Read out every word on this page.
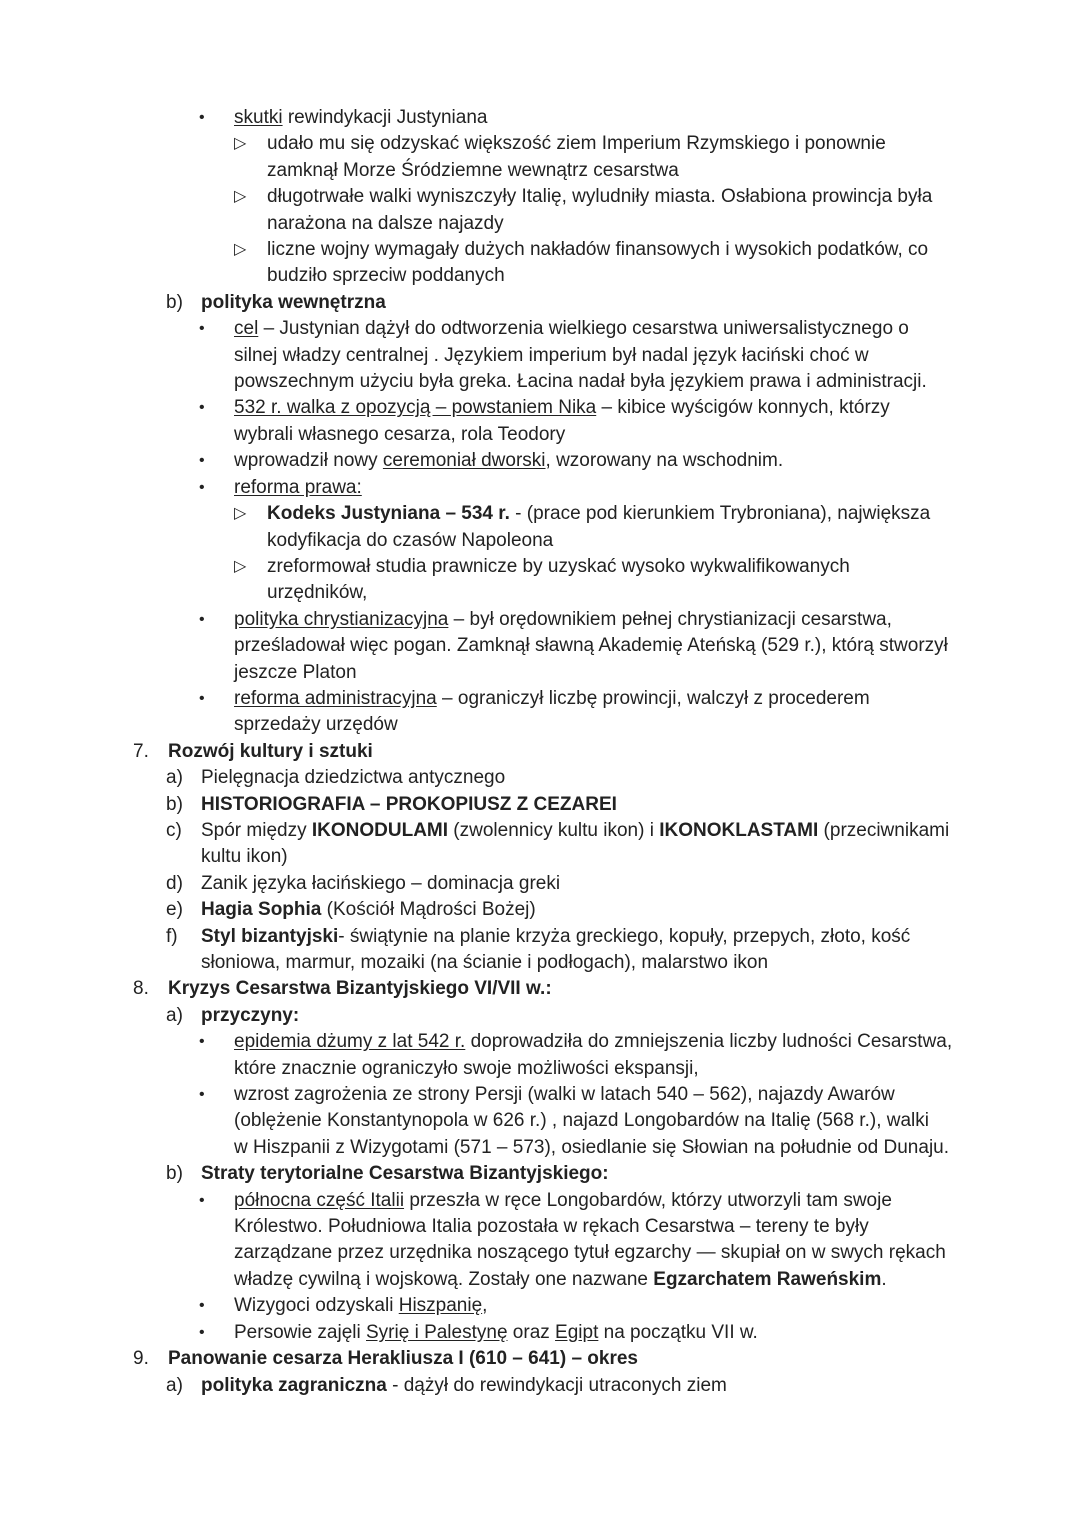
• skutki rewindykacji Justyniana
▷ udało mu się odzyskać większość ziem Imperium Rzymskiego i ponownie
zamknął Morze Śródziemne wewnątrz cesarstwa
▷ długotrwałe walki wyniszczyły Italię, wyludniły miasta. Osłabiona prowincja była
narażona na dalsze najazdy
▷ liczne wojny wymagały dużych nakładów finansowych i wysokich podatków, co
budziło sprzeciw poddanych
b) polityka wewnętrzna
• cel – Justynian dążył do odtworzenia wielkiego cesarstwa uniwersalistycznego o
silnej władzy centralnej . Językiem imperium był nadal język łaciński choć w
powszechnym użyciu była greka. Łacina nadał była językiem prawa i administracji.
• 532 r. walka z opozycją – powstaniem Nika – kibice wyścigów konnych, którzy
wybrali własnego cesarza, rola Teodory
• wprowadził nowy ceremoniał dworski, wzorowany na wschodnim.
• reforma prawa:
▷ Kodeks Justyniana – 534 r. - (prace pod kierunkiem Trybroniana), największa
kodyfikacja do czasów Napoleona
▷ zreformował studia prawnicze by uzyskać wysoko wykwalifikowanych
urzędników,
• polityka chrystianizacyjna – był orędownikiem pełnej chrystianizacji cesarstwa,
prześladował więc pogan. Zamknął sławną Akademię Ateńską (529 r.), którą stworzył
jeszcze Platon
• reforma administracyjna – ograniczył liczbę prowincji, walczył z procederem
sprzedaży urzędów
7. Rozwój kultury i sztuki
a) Pielęgnacja dziedzictwa antycznego
b) HISTORIOGRAFIA – PROKOPIUSZ Z CEZAREI
c) Spór między IKONODULAMI (zwolennicy kultu ikon) i IKONOKLASTAMI (przeciwnikami
kultu ikon)
d) Zanik języka łacińskiego – dominacja greki
e) Hagia Sophia (Kościół Mądrości Bożej)
f) Styl bizantyjski- świątynie na planie krzyża greckiego, kopuły, przepych, złoto, kość
słoniowa, marmur, mozaiki (na ścianie i podłogach), malarstwo ikon
8. Kryzys Cesarstwa Bizantyjskiego VI/VII w.:
a) przyczyny:
• epidemia dżumy z lat 542 r. doprowadziła do zmniejszenia liczby ludności Cesarstwa,
które znacznie ograniczyło swoje możliwości ekspansji,
• wzrost zagrożenia ze strony Persji (walki w latach 540 – 562), najazdy Awarów
(oblężenie Konstantynopola w 626 r.) , najazd Longobardów na Italię (568 r.), walki
w Hiszpanii z Wizygotami (571 – 573), osiedlanie się Słowian na południe od Dunaju.
b) Straty terytorialne Cesarstwa Bizantyjskiego:
• północna część Italii przeszła w ręce Longobardów, którzy utworzyli tam swoje
Królestwo. Południowa Italia pozostała w rękach Cesarstwa – tereny te były
zarządzane przez urzędnika noszącego tytuł egzarchy — skupiał on w swych rękach
władzę cywilną i wojskową. Zostały one nazwane Egzarchatem Raweńskim.
• Wizygoci odzyskali Hiszpanię,
• Persowie zajęli Syrię i Palestynę oraz Egipt na początku VII w.
9. Panowanie cesarza Herakliusza I (610 – 641) – okres
a) polityka zagraniczna - dążył do rewindykacji utraconych ziem
